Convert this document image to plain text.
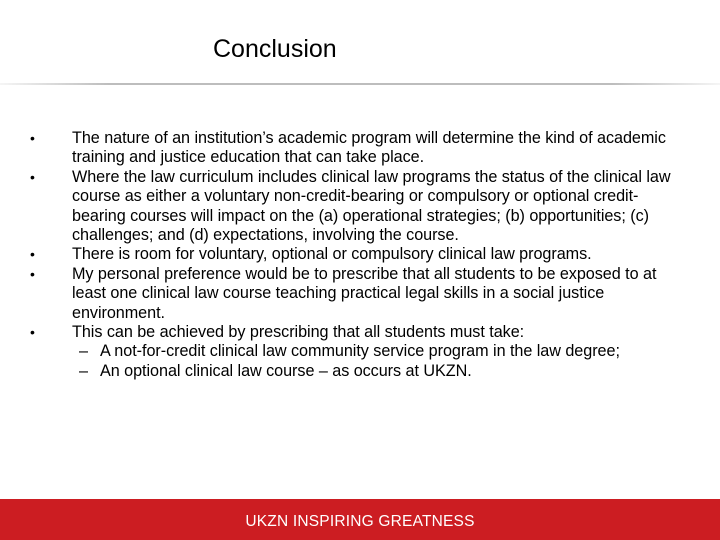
Conclusion
•	The nature of an institution’s academic program will determine the kind of academic training and justice education that can take place.
•	Where the law curriculum includes clinical law programs the status of the clinical law course as either a voluntary non-credit-bearing or compulsory or optional credit-bearing courses will impact on the (a) operational strategies; (b) opportunities; (c) challenges; and (d) expectations, involving the course.
•	There is room for voluntary, optional or compulsory clinical law programs.
•	My personal preference would be to prescribe that all students to be exposed to at least one clinical law course teaching practical legal skills in a social justice environment.
•	This can be achieved by prescribing that all students must take:
– A not-for-credit clinical law community service program in the law degree;
– An optional clinical law course – as occurs at UKZN.
UKZN INSPIRING GREATNESS
